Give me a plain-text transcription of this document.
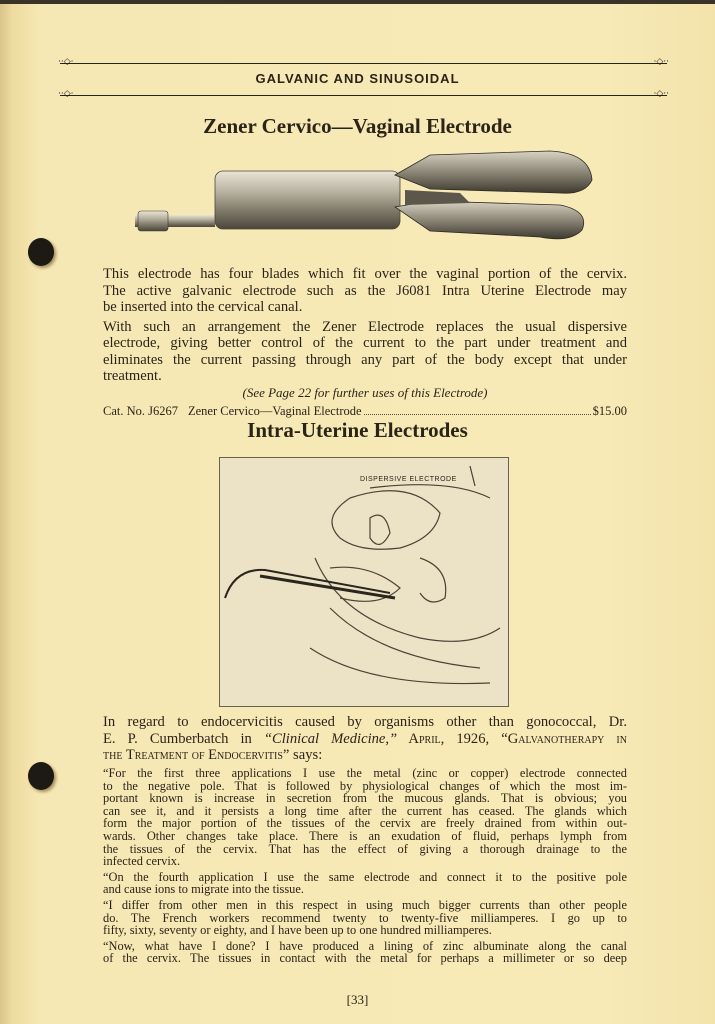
··◇·	·◇··
GALVANIC AND SINUSOIDAL
··◇·	·◇··
Zener Cervico—Vaginal Electrode
This electrode has four blades which fit over the vaginal portion of the cervix.
The active galvanic electrode such as the J6081 Intra Uterine Electrode may
be inserted into the cervical canal.
With such an arrangement the Zener Electrode replaces the usual dispersive
electrode, giving better control of the current to the part under treatment and
eliminates the current passing through any part of the body except that under
treatment.
(See Page 22 for further uses of this Electrode)
Cat. No. J6267 Zener Cervico—Vaginal Electrode	$15.00
Intra-Uterine Electrodes
DISPERSIVE ELECTRODE
In regard to endocervicitis caused by organisms other than gonococcal, Dr.
E. P. Cumberbatch in “Clinical Medicine,” April, 1926, “Galvanotherapy in
the Treatment of Endocervitis” says:
“For the first three applications I use the metal (zinc or copper) electrode connected
to the negative pole. That is followed by physiological changes of which the most im-
portant known is increase in secretion from the mucous glands. That is obvious; you
can see it, and it persists a long time after the current has ceased. The glands which
form the major portion of the tissues of the cervix are freely drained from within out-
wards. Other changes take place. There is an exudation of fluid, perhaps lymph from
the tissues of the cervix. That has the effect of giving a thorough drainage to the
infected cervix.
“On the fourth application I use the same electrode and connect it to the positive pole
and cause ions to migrate into the tissue.
“I differ from other men in this respect in using much bigger currents than other people
do. The French workers recommend twenty to twenty-five milliamperes. I go up to
fifty, sixty, seventy or eighty, and I have been up to one hundred milliamperes.
“Now, what have I done? I have produced a lining of zinc albuminate along the canal
of the cervix. The tissues in contact with the metal for perhaps a millimeter or so deep
[33]
